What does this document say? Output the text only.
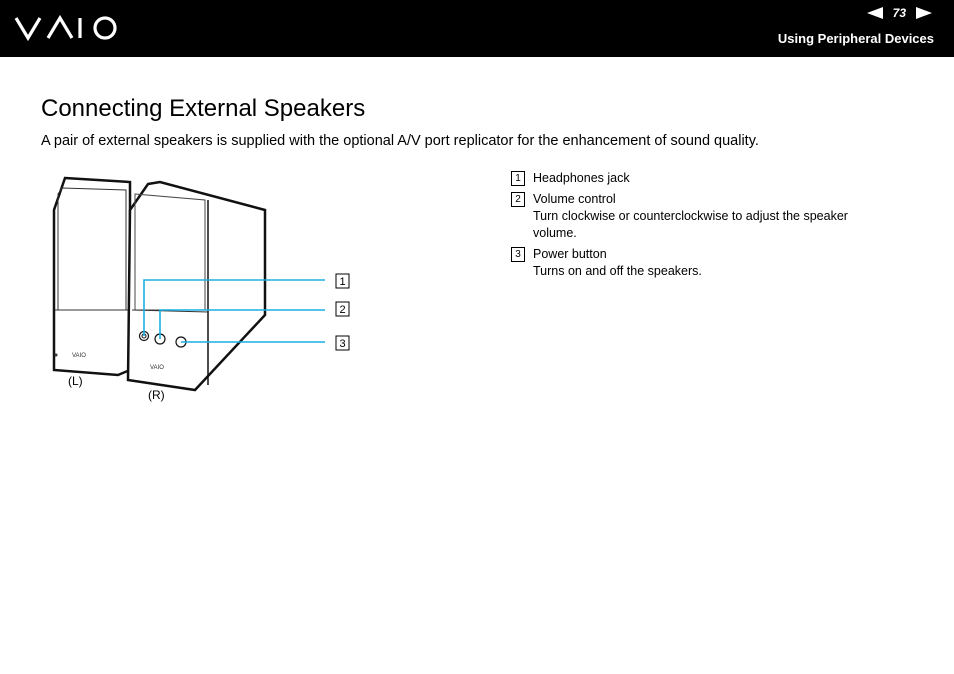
73
Using Peripheral Devices
Connecting External Speakers

A pair of external speakers is supplied with the optional A/V port replicator for the enhancement of sound quality.

VAIO
VAIO
1
2
3
(L)
(R)
1 Headphones jack
2 Volume control
Turn clockwise or counterclockwise to adjust the speaker volume.
3 Power button
Turns on and off the speakers.
